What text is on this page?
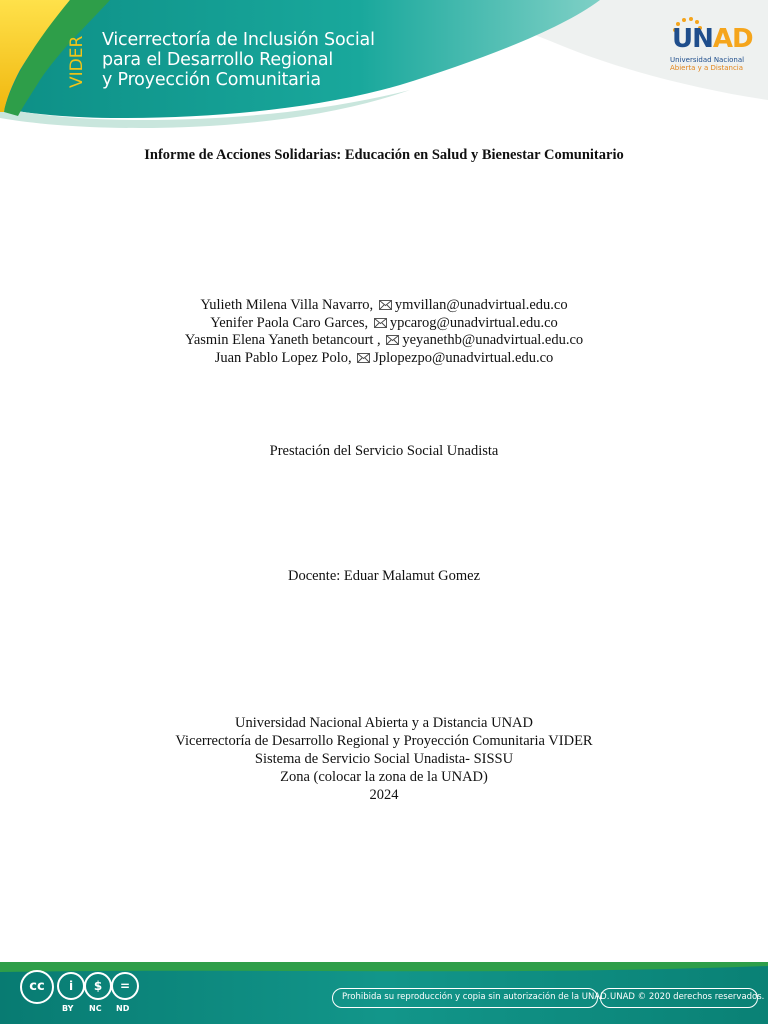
VIDER Vicerrectoría de Inclusión Social
para el Desarrollo Regional
y Proyección Comunitaria
UNAD
Universidad Nacional
Abierta y a Distancia
Informe de Acciones Solidarias: Educación en Salud y Bienestar Comunitario
Yulieth Milena Villa Navarro, ymvillan@unadvirtual.edu.co
Yenifer Paola Caro Garces, ypcarog@unadvirtual.edu.co
Yasmin Elena Yaneth betancourt , yeyanethb@unadvirtual.edu.co
Juan Pablo Lopez Polo, Jplopezpo@unadvirtual.edu.co
Prestación del Servicio Social Unadista
Docente: Eduar Malamut Gomez
Universidad Nacional Abierta y a Distancia UNAD
Vicerrectoría de Desarrollo Regional y Proyección Comunitaria VIDER
Sistema de Servicio Social Unadista- SISSU
Zona (colocar la zona de la UNAD)
2024
cc	i	$	=
BY NC ND
Prohibida su reproducción y copia sin autorización de la UNAD. UNAD © 2020 derechos reservados.
